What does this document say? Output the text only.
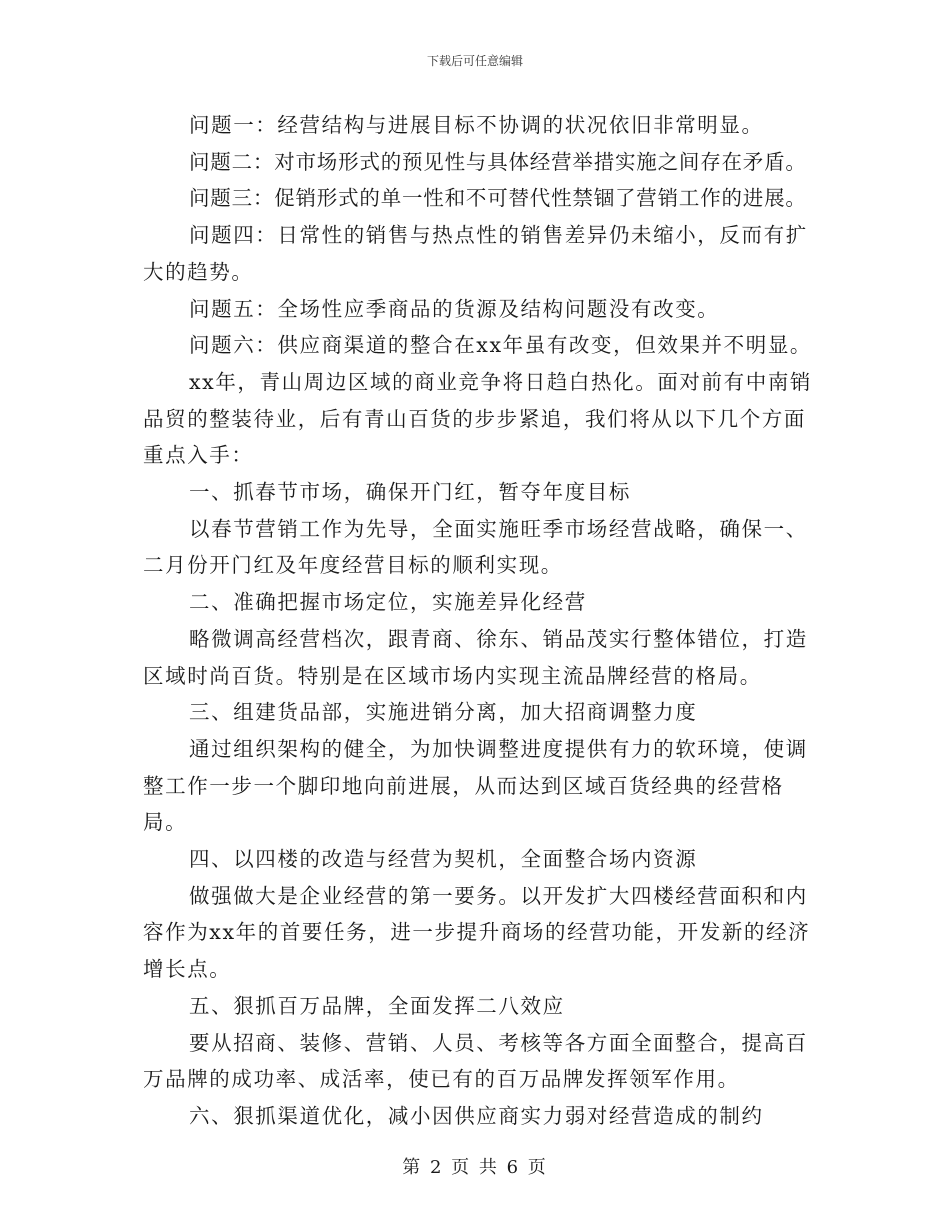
下载后可任意编辑

问题一：经营结构与进展目标不协调的状况依旧非常明显。

问题二：对市场形式的预见性与具体经营举措实施之间存在矛盾。

问题三：促销形式的单一性和不可替代性禁锢了营销工作的进展。

问题四：日常性的销售与热点性的销售差异仍未缩小，反而有扩大的趋势。

问题五：全场性应季商品的货源及结构问题没有改变。

问题六：供应商渠道的整合在xx年虽有改变，但效果并不明显。

xx年，青山周边区域的商业竞争将日趋白热化。面对前有中南销品贸的整装待业，后有青山百货的步步紧追，我们将从以下几个方面重点入手：

一、抓春节市场，确保开门红，暂夺年度目标

以春节营销工作为先导，全面实施旺季市场经营战略，确保一、二月份开门红及年度经营目标的顺利实现。

二、准确把握市场定位，实施差异化经营

略微调高经营档次，跟青商、徐东、销品茂实行整体错位，打造区域时尚百货。特别是在区域市场内实现主流品牌经营的格局。

三、组建货品部，实施进销分离，加大招商调整力度

通过组织架构的健全，为加快调整进度提供有力的软环境，使调整工作一步一个脚印地向前进展，从而达到区域百货经典的经营格局。

四、以四楼的改造与经营为契机，全面整合场内资源

做强做大是企业经营的第一要务。以开发扩大四楼经营面积和内容作为xx年的首要任务，进一步提升商场的经营功能，开发新的经济增长点。

五、狠抓百万品牌，全面发挥二八效应

要从招商、装修、营销、人员、考核等各方面全面整合，提高百万品牌的成功率、成活率，使已有的百万品牌发挥领军作用。

六、狠抓渠道优化，减小因供应商实力弱对经营造成的制约

第 2 页 共 6 页
